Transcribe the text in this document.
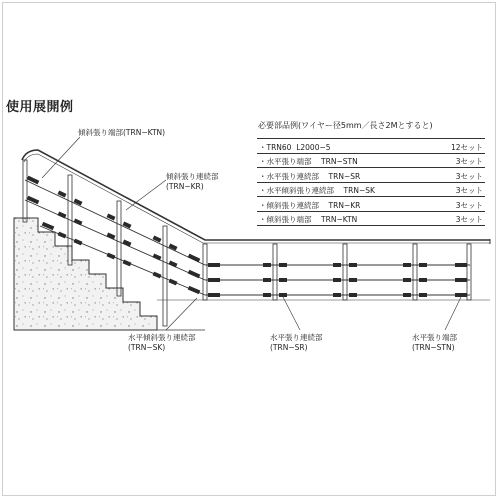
使用展開例
必要部品例(ワイヤー径5mm／長さ2Mとすると)
・TRN60  L2000−5	12セット
・水平張り端部    TRN−STN	3セット
・水平張り連続部    TRN−SR	3セット
・水平傾斜張り連続部    TRN−SK	3セット
・傾斜張り連続部    TRN−KR	3セット
・傾斜張り端部    TRN−KTN	3セット
傾斜張り端部(TRN−KTN)
傾斜張り連続部
(TRN−KR)
水平傾斜張り連続部
(TRN−SK)
水平張り連続部
(TRN−SR)
水平張り端部
(TRN−STN)
